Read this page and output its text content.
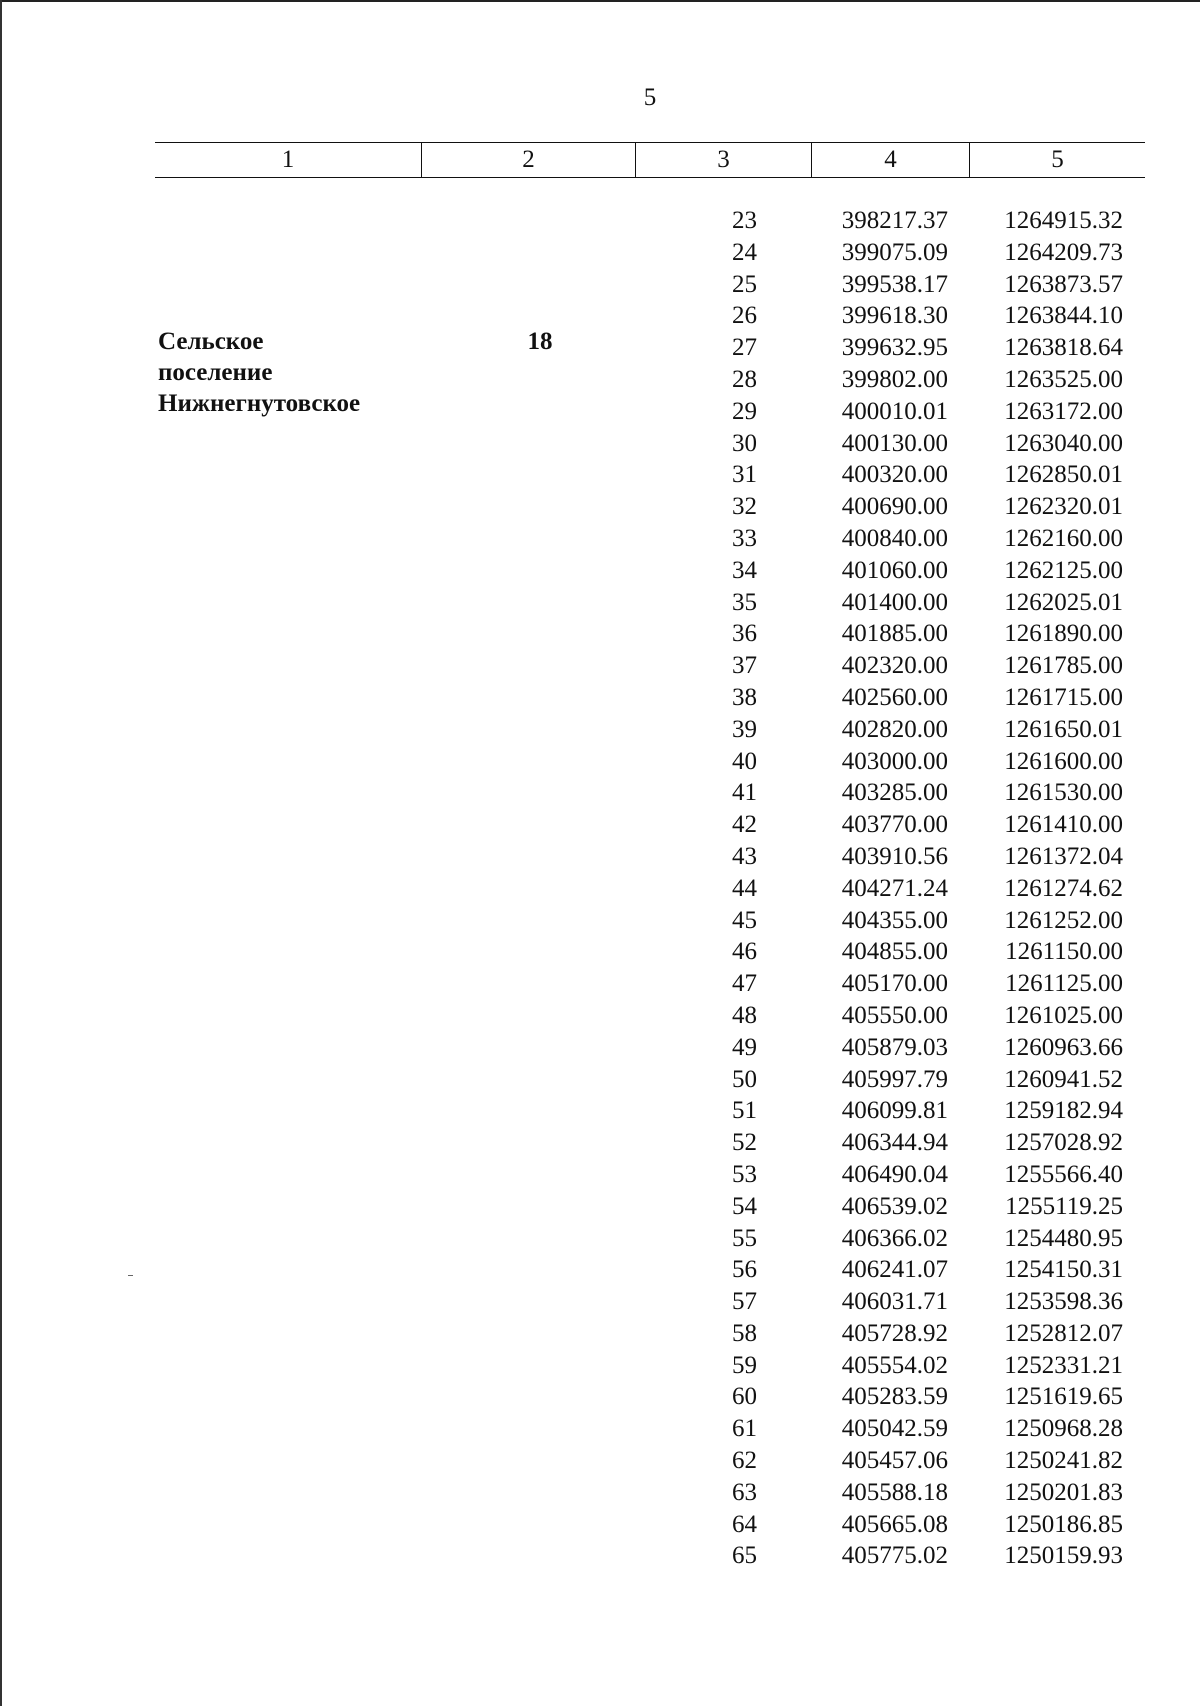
5
1	2	3	4	5
Сельское
поселение
Нижнегнутовское
18
23	398217.37 1264915.32
24	399075.09 1264209.73
25	399538.17 1263873.57
26	399618.30 1263844.10
27	399632.95 1263818.64
28	399802.00 1263525.00
29	400010.01 1263172.00
30	400130.00 1263040.00
31	400320.00 1262850.01
32	400690.00 1262320.01
33	400840.00 1262160.00
34	401060.00 1262125.00
35	401400.00 1262025.01
36	401885.00 1261890.00
37	402320.00 1261785.00
38	402560.00 1261715.00
39	402820.00 1261650.01
40	403000.00 1261600.00
41	403285.00 1261530.00
42	403770.00 1261410.00
43	403910.56 1261372.04
44	404271.24 1261274.62
45	404355.00 1261252.00
46	404855.00 1261150.00
47	405170.00 1261125.00
48	405550.00 1261025.00
49	405879.03 1260963.66
50	405997.79 1260941.52
51	406099.81 1259182.94
52	406344.94 1257028.92
53	406490.04 1255566.40
54	406539.02 1255119.25
55	406366.02 1254480.95
56	406241.07 1254150.31
57	406031.71 1253598.36
58	405728.92 1252812.07
59	405554.02 1252331.21
60	405283.59 1251619.65
61	405042.59 1250968.28
62	405457.06 1250241.82
63	405588.18 1250201.83
64	405665.08 1250186.85
65	405775.02 1250159.93
